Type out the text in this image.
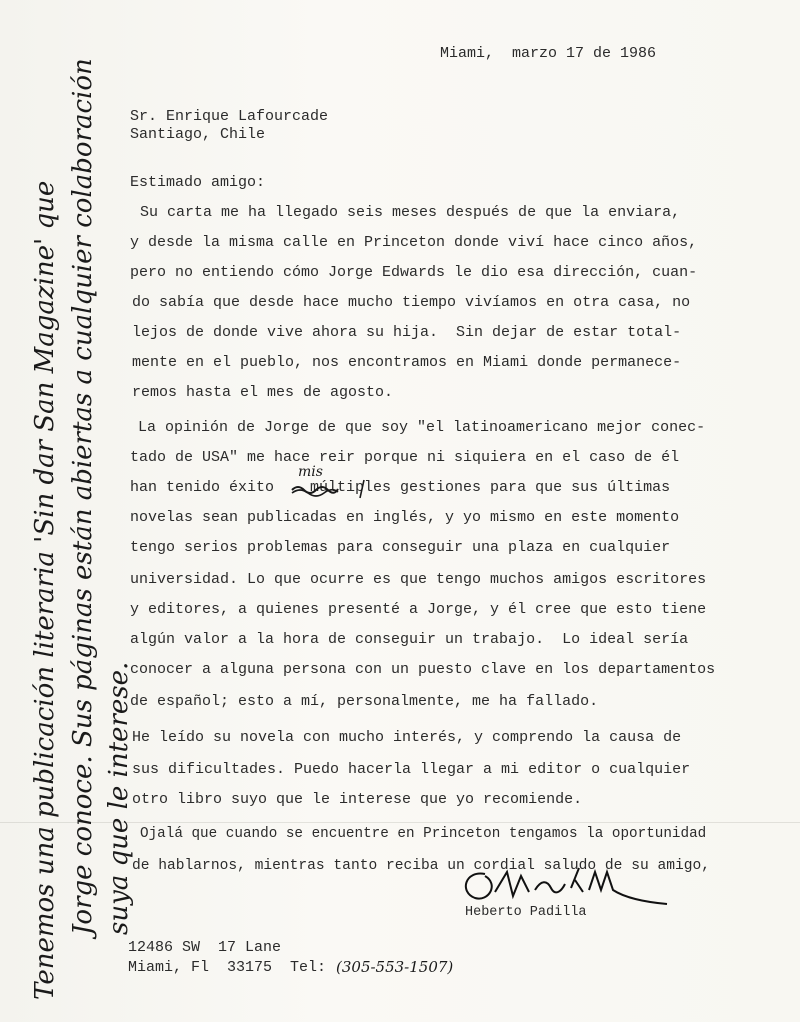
Miami,  marzo 17 de 1986
Sr. Enrique Lafourcade
Santiago, Chile
Estimado amigo:
Su carta me ha llegado seis meses después de que la enviara,
y desde la misma calle en Princeton donde viví hace cinco años,
pero no entiendo cómo Jorge Edwards le dio esa dirección, cuan-
do sabía que desde hace mucho tiempo vivíamos en otra casa, no
lejos de donde vive ahora su hija.  Sin dejar de estar total-
mente en el pueblo, nos encontramos en Miami donde permanece-
remos hasta el mes de agosto.
La opinión de Jorge de que soy "el latinoamericano mejor conec-
tado de USA" me hace reir porque ni siquiera en el caso de él
han tenido éxito    múltiples gestiones para que sus últimas
novelas sean publicadas en inglés, y yo mismo en este momento
tengo serios problemas para conseguir una plaza en cualquier
universidad. Lo que ocurre es que tengo muchos amigos escritores
y editores, a quienes presenté a Jorge, y él cree que esto tiene
algún valor a la hora de conseguir un trabajo.  Lo ideal sería
conocer a alguna persona con un puesto clave en los departamentos
de español; esto a mí, personalmente, me ha fallado.
He leído su novela con mucho interés, y comprendo la causa de
sus dificultades. Puedo hacerla llegar a mi editor o cualquier
otro libro suyo que le interese que yo recomiende.
Ojalá que cuando se encuentre en Princeton tengamos la oportunidad
de hablarnos, mientras tanto reciba un cordial saludo de su amigo,
mis
Heberto Padilla
12486 SW  17 Lane
Miami, Fl  33175  Tel: (305-553-1507)
Tenemos una publicación literaria 'Sin dar San Magazine' que Jorge conoce. Sus páginas están abiertas a cualquier colaboración suya que le interese.
